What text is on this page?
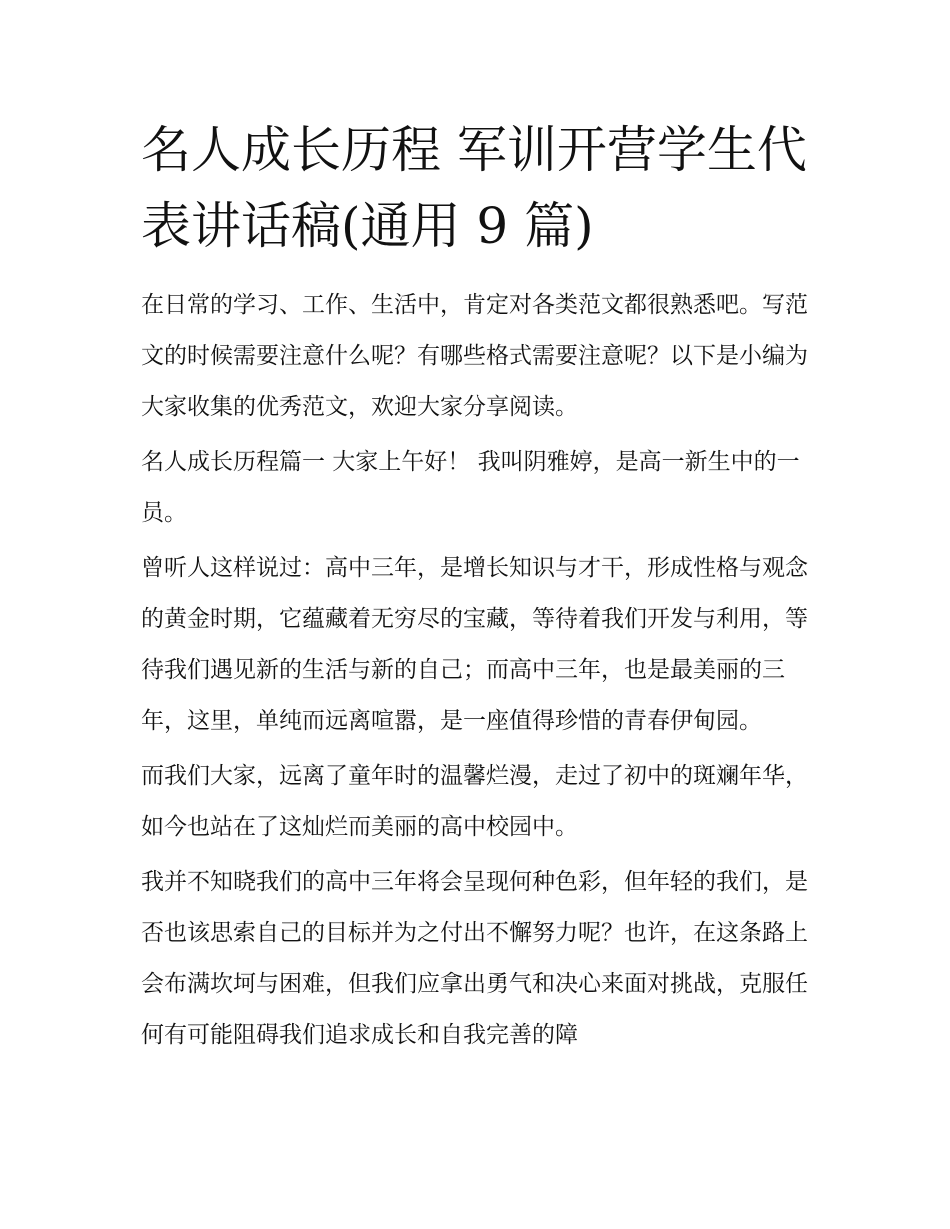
名人成长历程 军训开营学生代表讲话稿(通用 9 篇)

在日常的学习、工作、生活中，肯定对各类范文都很熟悉吧。写范文的时候需要注意什么呢？有哪些格式需要注意呢？以下是小编为大家收集的优秀范文，欢迎大家分享阅读。

名人成长历程篇一 大家上午好！ 我叫阴雅婷，是高一新生中的一员。

曾听人这样说过：高中三年，是增长知识与才干，形成性格与观念的黄金时期，它蕴藏着无穷尽的宝藏，等待着我们开发与利用，等待我们遇见新的生活与新的自己；而高中三年，也是最美丽的三年，这里，单纯而远离喧嚣，是一座值得珍惜的青春伊甸园。

而我们大家，远离了童年时的温馨烂漫，走过了初中的斑斓年华，如今也站在了这灿烂而美丽的高中校园中。

我并不知晓我们的高中三年将会呈现何种色彩，但年轻的我们，是否也该思索自己的目标并为之付出不懈努力呢？也许，在这条路上会布满坎坷与困难，但我们应拿出勇气和决心来面对挑战，克服任何有可能阻碍我们追求成长和自我完善的障
